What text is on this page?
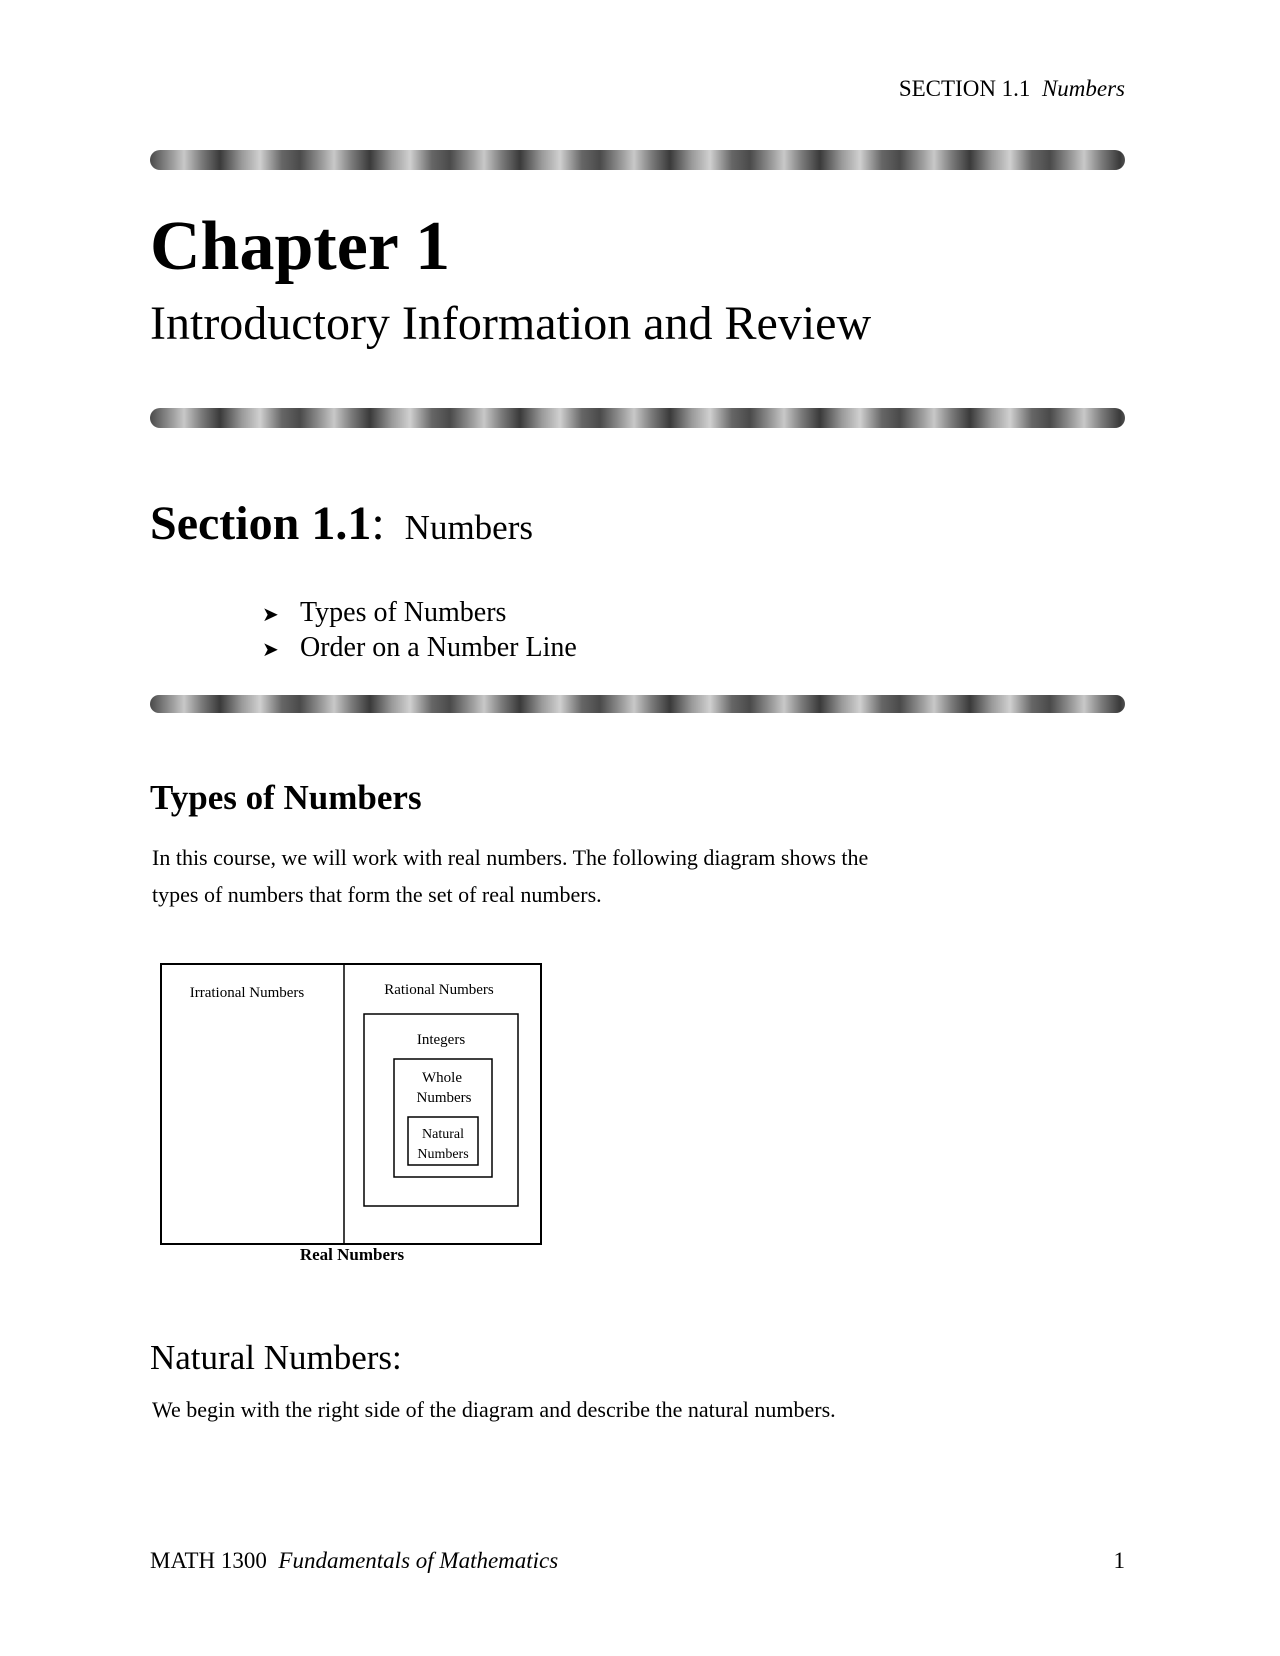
SECTION 1.1 Numbers
Chapter 1
Introductory Information and Review
Section 1.1: Numbers
➤ Types of Numbers
➤ Order on a Number Line
Types of Numbers
In this course, we will work with real numbers. The following diagram shows the
types of numbers that form the set of real numbers.
Irrational Numbers	Rational Numbers
Integers
Whole
Numbers
Natural
Numbers
Real Numbers
Natural Numbers:
We begin with the right side of the diagram and describe the natural numbers.
MATH 1300 Fundamentals of Mathematics	1
